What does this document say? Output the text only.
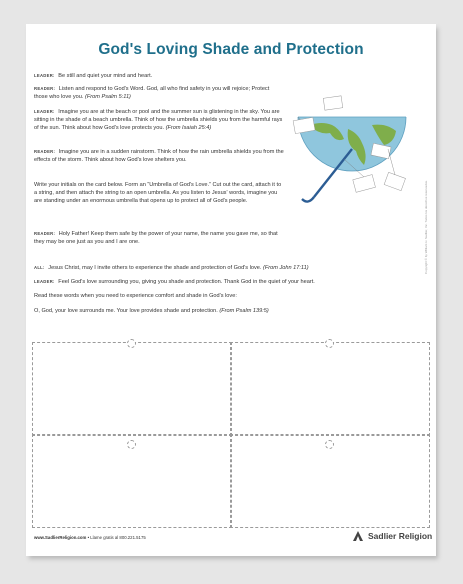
God's Loving Shade and Protection
LEADER: Be still and quiet your mind and heart.
READER: Listen and respond to God's Word. God, all who find safety in you will rejoice; Protect those who love you. (From Psalm 5:11)
LEADER: Imagine you are at the beach or pool and the summer sun is glistening in the sky. You are sitting in the shade of a beach umbrella. Think of how the umbrella shields you from the harmful rays of the sun. Think about how God's love protects you. (From Isaiah 25:4)
READER: Imagine you are in a sudden rainstorm. Think of how the rain umbrella shields you from the effects of the storm. Think about how God's love shelters you.
Write your initials on the card below. Form an “Umbrella of God's Love.” Cut out the card, attach it to a string, and then attach the string to an open umbrella. As you listen to Jesus' words, imagine you are standing under an enormous umbrella that opens up to protect all of God's people.
READER: Holy Father! Keep them safe by the power of your name, the name you gave me, so that they may be one just as you and I are one.
ALL: Jesus Christ, may I invite others to experience the shade and protection of God's love. (From John 17:11)
LEADER: Feel God's love surrounding you, giving you shade and protection. Thank God in the quiet of your heart.
Read these words when you need to experience comfort and shade in God's love:
O, God, your love surrounds me. Your love provides shade and protection. (From Psalm 139:5)
www.SadlierReligion.com • Llame gratis al 800.221.5175	Sadlier Religion
Copyright © by William H. Sadlier, Inc. Todos los derechos reservados.
